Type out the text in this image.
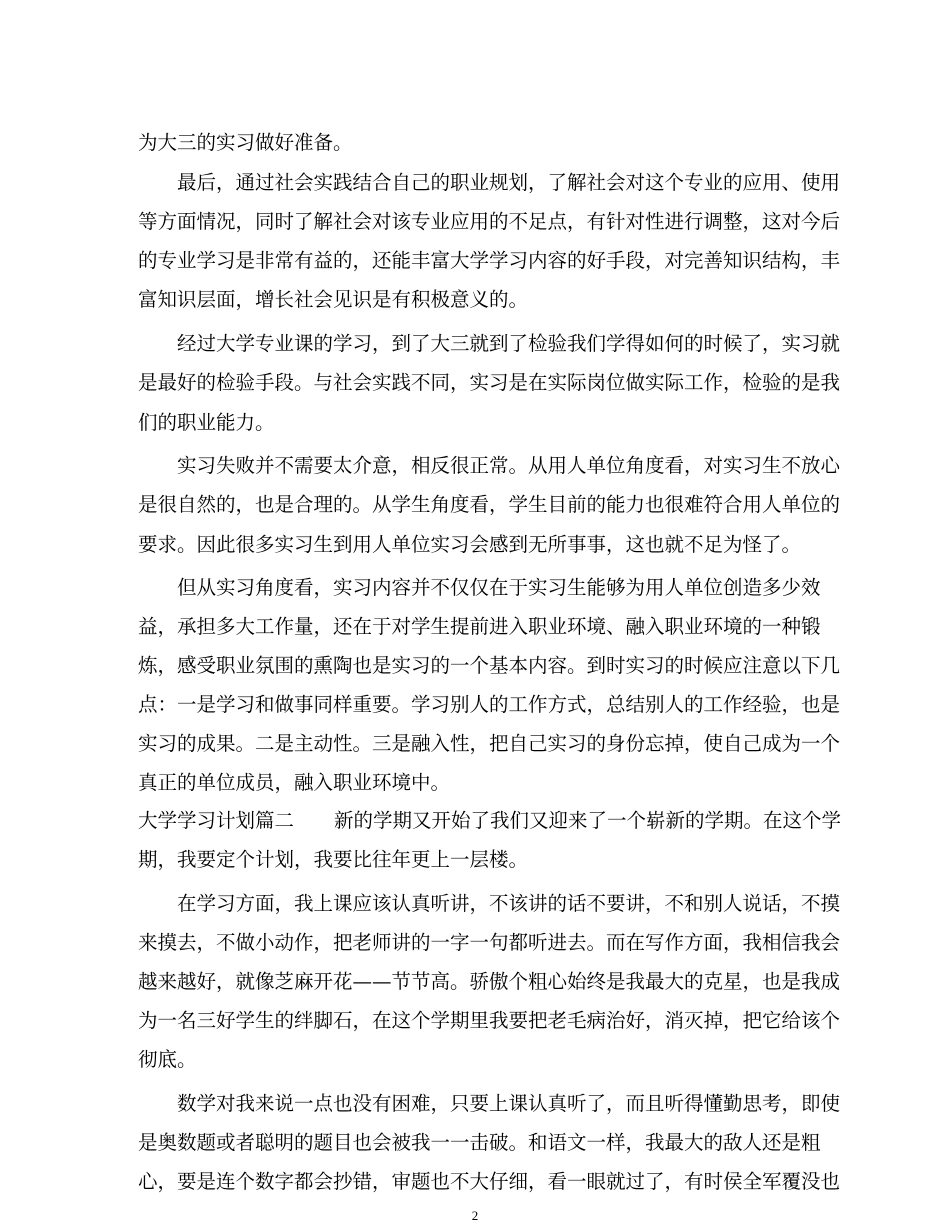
为大三的实习做好准备。
最后，通过社会实践结合自己的职业规划，了解社会对这个专业的应用、使用
等方面情况，同时了解社会对该专业应用的不足点，有针对性进行调整，这对今后
的专业学习是非常有益的，还能丰富大学学习内容的好手段，对完善知识结构，丰
富知识层面，增长社会见识是有积极意义的。
经过大学专业课的学习，到了大三就到了检验我们学得如何的时候了，实习就
是最好的检验手段。与社会实践不同，实习是在实际岗位做实际工作，检验的是我
们的职业能力。
实习失败并不需要太介意，相反很正常。从用人单位角度看，对实习生不放心
是很自然的，也是合理的。从学生角度看，学生目前的能力也很难符合用人单位的
要求。因此很多实习生到用人单位实习会感到无所事事，这也就不足为怪了。
但从实习角度看，实习内容并不仅仅在于实习生能够为用人单位创造多少效
益，承担多大工作量，还在于对学生提前进入职业环境、融入职业环境的一种锻
炼，感受职业氛围的熏陶也是实习的一个基本内容。到时实习的时候应注意以下几
点：一是学习和做事同样重要。学习别人的工作方式，总结别人的工作经验，也是
实习的成果。二是主动性。三是融入性，把自己实习的身份忘掉，使自己成为一个
真正的单位成员，融入职业环境中。
大学学习计划篇二 新的学期又开始了我们又迎来了一个崭新的学期。在这个学
期，我要定个计划，我要比往年更上一层楼。
在学习方面，我上课应该认真听讲，不该讲的话不要讲，不和别人说话，不摸
来摸去，不做小动作，把老师讲的一字一句都听进去。而在写作方面，我相信我会
越来越好，就像芝麻开花——节节高。骄傲个粗心始终是我最大的克星，也是我成
为一名三好学生的绊脚石，在这个学期里我要把老毛病治好，消灭掉，把它给该个
彻底。
数学对我来说一点也没有困难，只要上课认真听了，而且听得懂勤思考，即使
是奥数题或者聪明的题目也会被我一一击破。和语文一样，我最大的敌人还是粗
心，要是连个数字都会抄错，审题也不大仔细，看一眼就过了，有时侯全军覆没也
2
